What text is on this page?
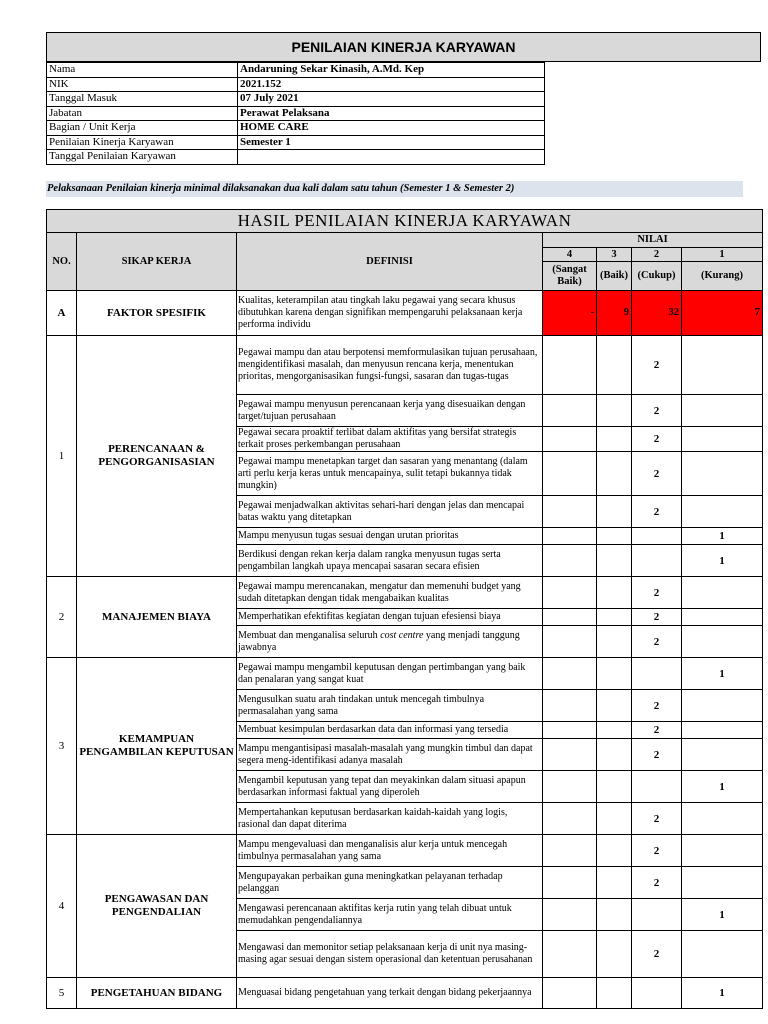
PENILAIAN KINERJA KARYAWAN
Nama	Andaruning Sekar Kinasih, A.Md. Kep
NIK	2021.152
Tanggal Masuk	07 July 2021
Jabatan	Perawat Pelaksana
Bagian / Unit Kerja	HOME CARE
Penilaian Kinerja Karyawan	Semester 1
Tanggal Penilaian Karyawan	
Pelaksanaan Penilaian kinerja minimal dilaksanakan dua kali dalam satu tahun (Semester 1 & Semester 2)
HASIL PENILAIAN KINERJA KARYAWAN						
NO.	SIKAP KERJA	DEFINISI	NILAI			
			4	3	2	1
			(Sangat Baik)	(Baik)	(Cukup)	(Kurang)
A	FAKTOR SPESIFIK	Kualitas, keterampilan atau tingkah laku pegawai yang secara khusus dibutuhkan karena dengan signifikan mempengaruhi pelaksanaan kerja performa individu	-	9	32	7
1	PERENCANAAN & PENGORGANISASIAN	Pegawai mampu dan atau berpotensi memformulasikan tujuan perusahaan, mengidentifikasi masalah, dan menyusun rencana kerja, menentukan prioritas, mengorganisasikan fungsi-fungsi, sasaran dan tugas-tugas			2	
		Pegawai mampu menyusun perencanaan kerja yang disesuaikan dengan target/tujuan perusahaan			2	
		Pegawai secara proaktif terlibat dalam aktifitas yang bersifat strategis terkait proses perkembangan perusahaan			2	
		Pegawai mampu menetapkan target dan sasaran yang menantang (dalam arti perlu kerja keras untuk mencapainya, sulit tetapi bukannya tidak mungkin)			2	
		Pegawai menjadwalkan aktivitas sehari-hari dengan jelas dan mencapai batas waktu yang ditetapkan			2	
		Mampu menyusun tugas sesuai dengan urutan prioritas				1
		Berdikusi dengan rekan kerja dalam rangka menyusun tugas serta pengambilan langkah upaya mencapai sasaran secara efisien				1
2	MANAJEMEN BIAYA	Pegawai mampu merencanakan, mengatur dan memenuhi budget yang sudah ditetapkan dengan tidak mengabaikan kualitas			2	
		Memperhatikan efektifitas kegiatan dengan tujuan efesiensi biaya			2	
		Membuat dan menganalisa seluruh cost centre yang menjadi tanggung jawabnya			2	
3	KEMAMPUAN PENGAMBILAN KEPUTUSAN	Pegawai mampu mengambil keputusan dengan pertimbangan yang baik dan penalaran yang sangat kuat				1
		Mengusulkan suatu arah tindakan untuk mencegah timbulnya permasalahan yang sama			2	
		Membuat kesimpulan berdasarkan data dan informasi yang tersedia			2	
		Mampu mengantisipasi masalah-masalah yang mungkin timbul dan dapat segera meng-identifikasi adanya masalah			2	
		Mengambil keputusan yang tepat dan meyakinkan dalam situasi apapun berdasarkan informasi faktual yang diperoleh				1
		Mempertahankan keputusan berdasarkan kaidah-kaidah yang logis, rasional dan dapat diterima			2	
4	PENGAWASAN DAN PENGENDALIAN	Mampu mengevaluasi dan menganalisis alur kerja untuk mencegah timbulnya permasalahan yang sama			2	
		Mengupayakan perbaikan guna meningkatkan pelayanan terhadap pelanggan			2	
		Mengawasi perencanaan aktifitas kerja rutin yang telah dibuat untuk memudahkan pengendaliannya				1
		Mengawasi dan memonitor setiap pelaksanaan kerja di unit nya masing-masing agar sesuai dengan sistem operasional dan ketentuan perusahanan			2	
5	PENGETAHUAN BIDANG	Menguasai bidang pengetahuan yang terkait dengan bidang pekerjaannya				1
